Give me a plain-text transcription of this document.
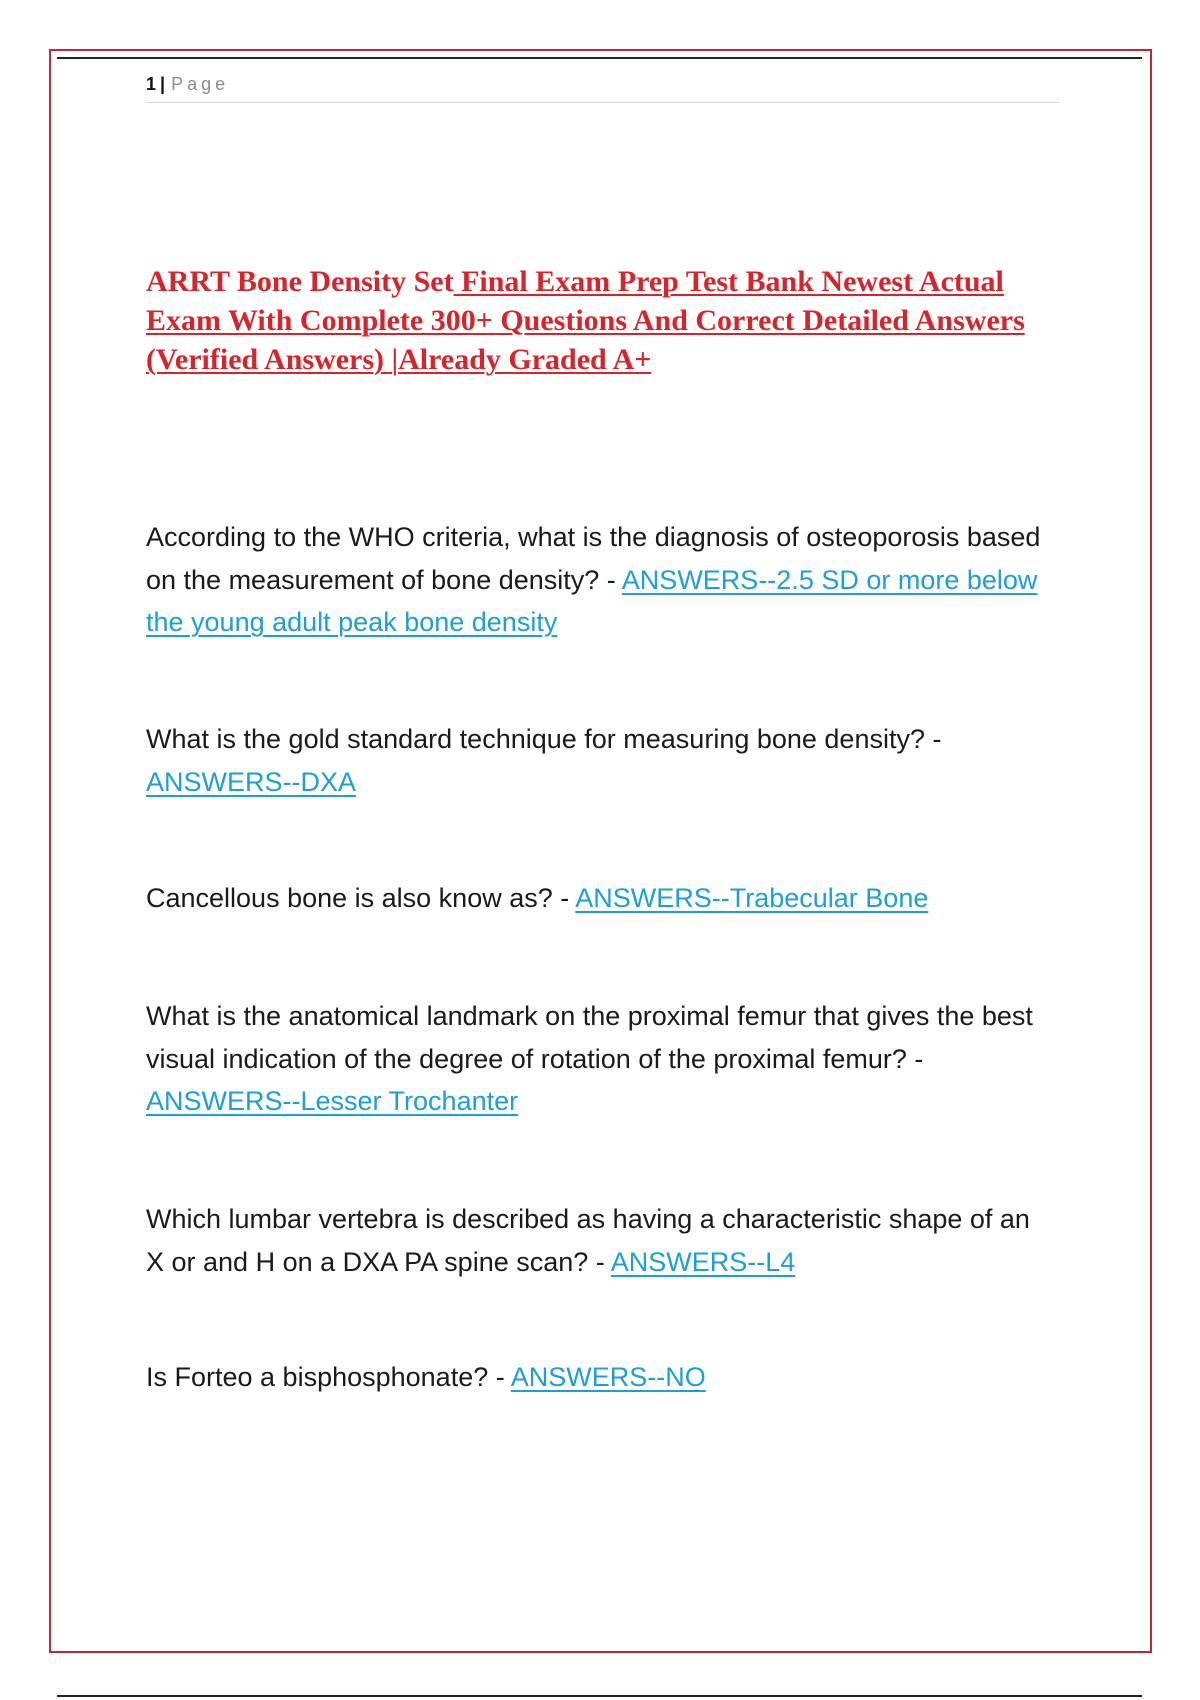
1 | Page
ARRT Bone Density Set Final Exam Prep Test Bank Newest Actual Exam With Complete 300+ Questions And Correct Detailed Answers (Verified Answers) |Already Graded A+
According to the WHO criteria, what is the diagnosis of osteoporosis based on the measurement of bone density? - ANSWERS--2.5 SD or more below the young adult peak bone density
What is the gold standard technique for measuring bone density? - ANSWERS--DXA
Cancellous bone is also know as? - ANSWERS--Trabecular Bone
What is the anatomical landmark on the proximal femur that gives the best visual indication of the degree of rotation of the proximal femur? - ANSWERS--Lesser Trochanter
Which lumbar vertebra is described as having a characteristic shape of an X or and H on a DXA PA spine scan? - ANSWERS--L4
Is Forteo a bisphosphonate? - ANSWERS--NO
